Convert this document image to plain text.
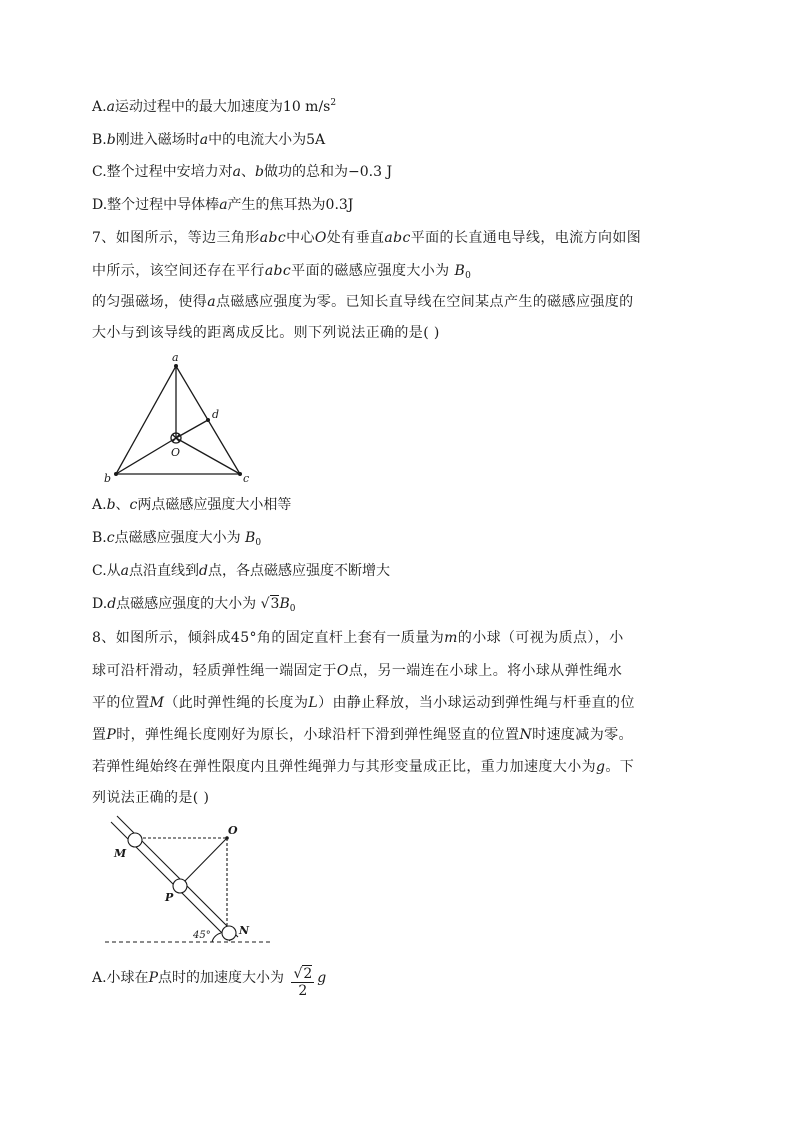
A.a运动过程中的最大加速度为10 $m/s^2$
B.b刚进入磁场时a中的电流大小为5A
C.整个过程中安培力对a、b做功的总和为−0.3 J
D.整个过程中导体棒a产生的焦耳热为0.3J
7、如图所示，等边三角形abc中心O处有垂直abc平面的长直通电导线，电流方向如图
中所示，该空间还存在平行abc平面的磁感应强度大小为 $B_0$
的匀强磁场，使得a点磁感应强度为零。已知长直导线在空间某点产生的磁感应强度的
大小与到该导线的距离成反比。则下列说法正确的是( )
a
b	c
d
O
A.b、c两点磁感应强度大小相等
B.c点磁感应强度大小为 $B_0$
C.从a点沿直线到d点，各点磁感应强度不断增大
D.d点磁感应强度的大小为 $√3B_0$
8、如图所示，倾斜成45°角的固定直杆上套有一质量为m的小球（可视为质点），小
球可沿杆滑动，轻质弹性绳一端固定于O点，另一端连在小球上。将小球从弹性绳水
平的位置M（此时弹性绳的长度为L）由静止释放，当小球运动到弹性绳与杆垂直的位
置P时，弹性绳长度刚好为原长，小球沿杆下滑到弹性绳竖直的位置N时速度减为零。
若弹性绳始终在弹性限度内且弹性绳弹力与其形变量成正比，重力加速度大小为g。下
列说法正确的是( )
O
M
P
N
45°
A.小球在P点时的加速度大小为 $\frac{√2}{2}$ g
